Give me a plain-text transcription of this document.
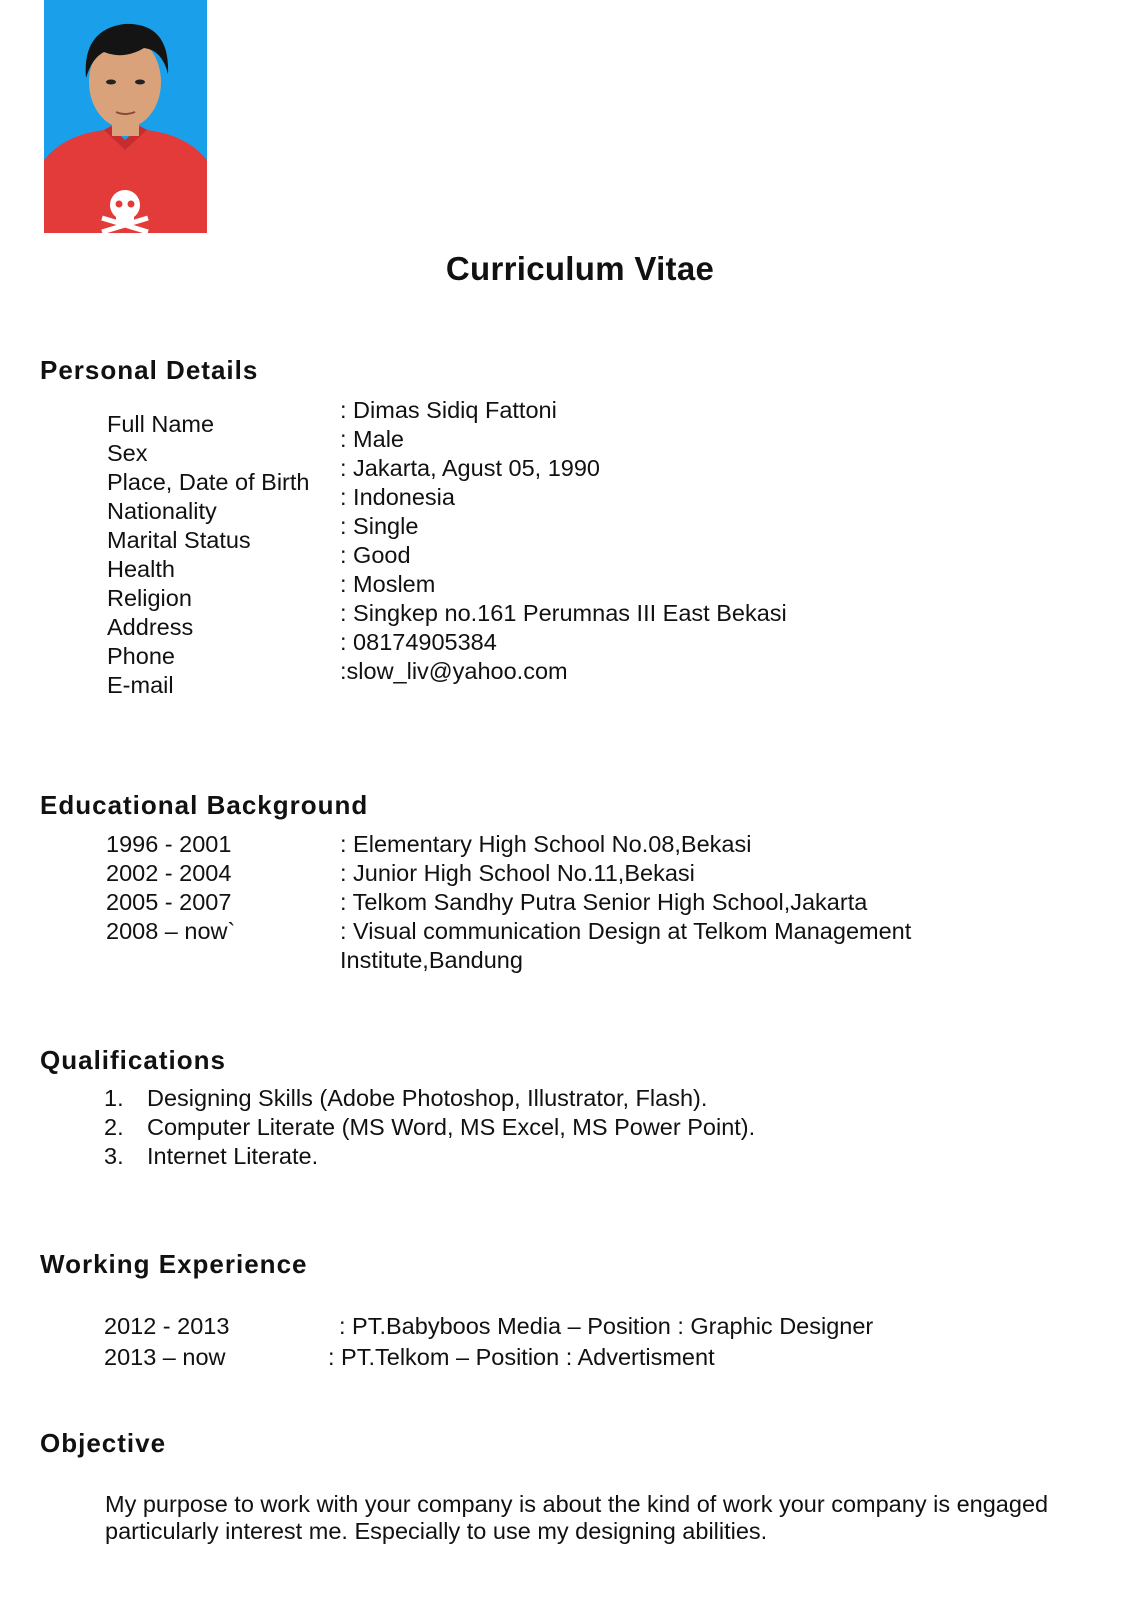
Curriculum Vitae
Personal Details
Full Name
Sex
Place, Date of Birth
Nationality
Marital Status
Health
Religion
Address
Phone
E-mail
: Dimas Sidiq Fattoni
: Male
: Jakarta, Agust 05, 1990
: Indonesia
: Single
: Good
: Moslem
: Singkep no.161 Perumnas III East Bekasi
: 08174905384
:slow_liv@yahoo.com
Educational Background
1996 - 2001
2002 - 2004
2005 - 2007
2008 – now`
: Elementary High School No.08,Bekasi
: Junior High School No.11,Bekasi
: Telkom Sandhy Putra Senior High School,Jakarta
: Visual communication Design at Telkom Management
Institute,Bandung
Qualifications
1.
2.
3.
Designing Skills (Adobe Photoshop, Illustrator, Flash).
Computer Literate (MS Word, MS Excel, MS Power Point).
Internet Literate.
Working Experience
2012 - 2013	: PT.Babyboos Media – Position : Graphic Designer
2013 – now	: PT.Telkom – Position : Advertisment
Objective
My purpose to work with your company is about the kind of work your company is engaged
particularly interest me. Especially to use my designing abilities.
